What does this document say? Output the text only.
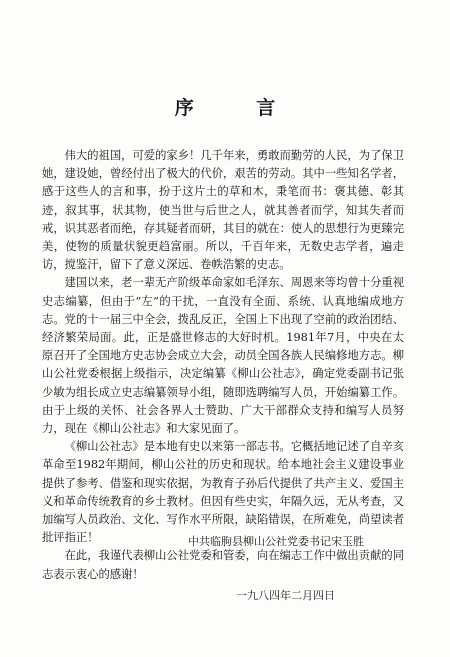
序 言

伟大的祖国，可爱的家乡！几千年来，勇敢而勤劳的人民，为了保卫她，建设她，曾经付出了极大的代价，艰苦的劳动。其中一些知名学者，感于这些人的言和事，扮于这片土的草和木，秉笔而书：褒其德、彰其迹，叙其事，状其物，使当世与后世之人，就其善者而学，知其失者而戒，识其恶者而绝，存其疑者而研，其目的就在：使人的思想行为更臻完美，使物的质量状貌更趋富丽。所以，千百年来，无数史志学者，遍走访，搅鉴汗，留下了意义深远、卷帙浩繁的史志。

建国以来，老一辈无产阶级革命家如毛泽东、周恩来等均曾十分重视史志编纂，但由于“左”的干扰，一直没有全面、系统、认真地编成地方志。党的十一届三中全会，拨乱反正，全国上下出现了空前的政治团结、经济繁荣局面。此，正是盛世修志的大好时机。1981年7月，中央在太原召开了全国地方史志协会成立大会，动员全国各族人民编修地方志。柳山公社党委根据上级指示，决定编纂《柳山公社志》，确定党委副书记张少敏为组长成立史志编纂领导小组，随即选聘编写人员，开始编纂工作。由于上级的关怀、社会各界人士赞助、广大干部群众支持和编写人员努力，现在《柳山公社志》和大家见面了。

《柳山公社志》是本地有史以来第一部志书。它概括地记述了自辛亥革命至1982年期间，柳山公社的历史和现状。给本地社会主义建设事业提供了参考、借鉴和现实依据，为教育子孙后代提供了共产主义、爱国主义和革命传统教育的乡土教材。但因有些史实，年隔久远，无从考查，又加编写人员政治、文化、写作水平所限，缺陷错误，在所难免，尚望读者批评指正！

在此，我谨代表柳山公社党委和管委，向在编志工作中做出贡献的同志表示衷心的感谢！

中共临朐县柳山公社党委书记宋玉胜
一九八四年二月四日
